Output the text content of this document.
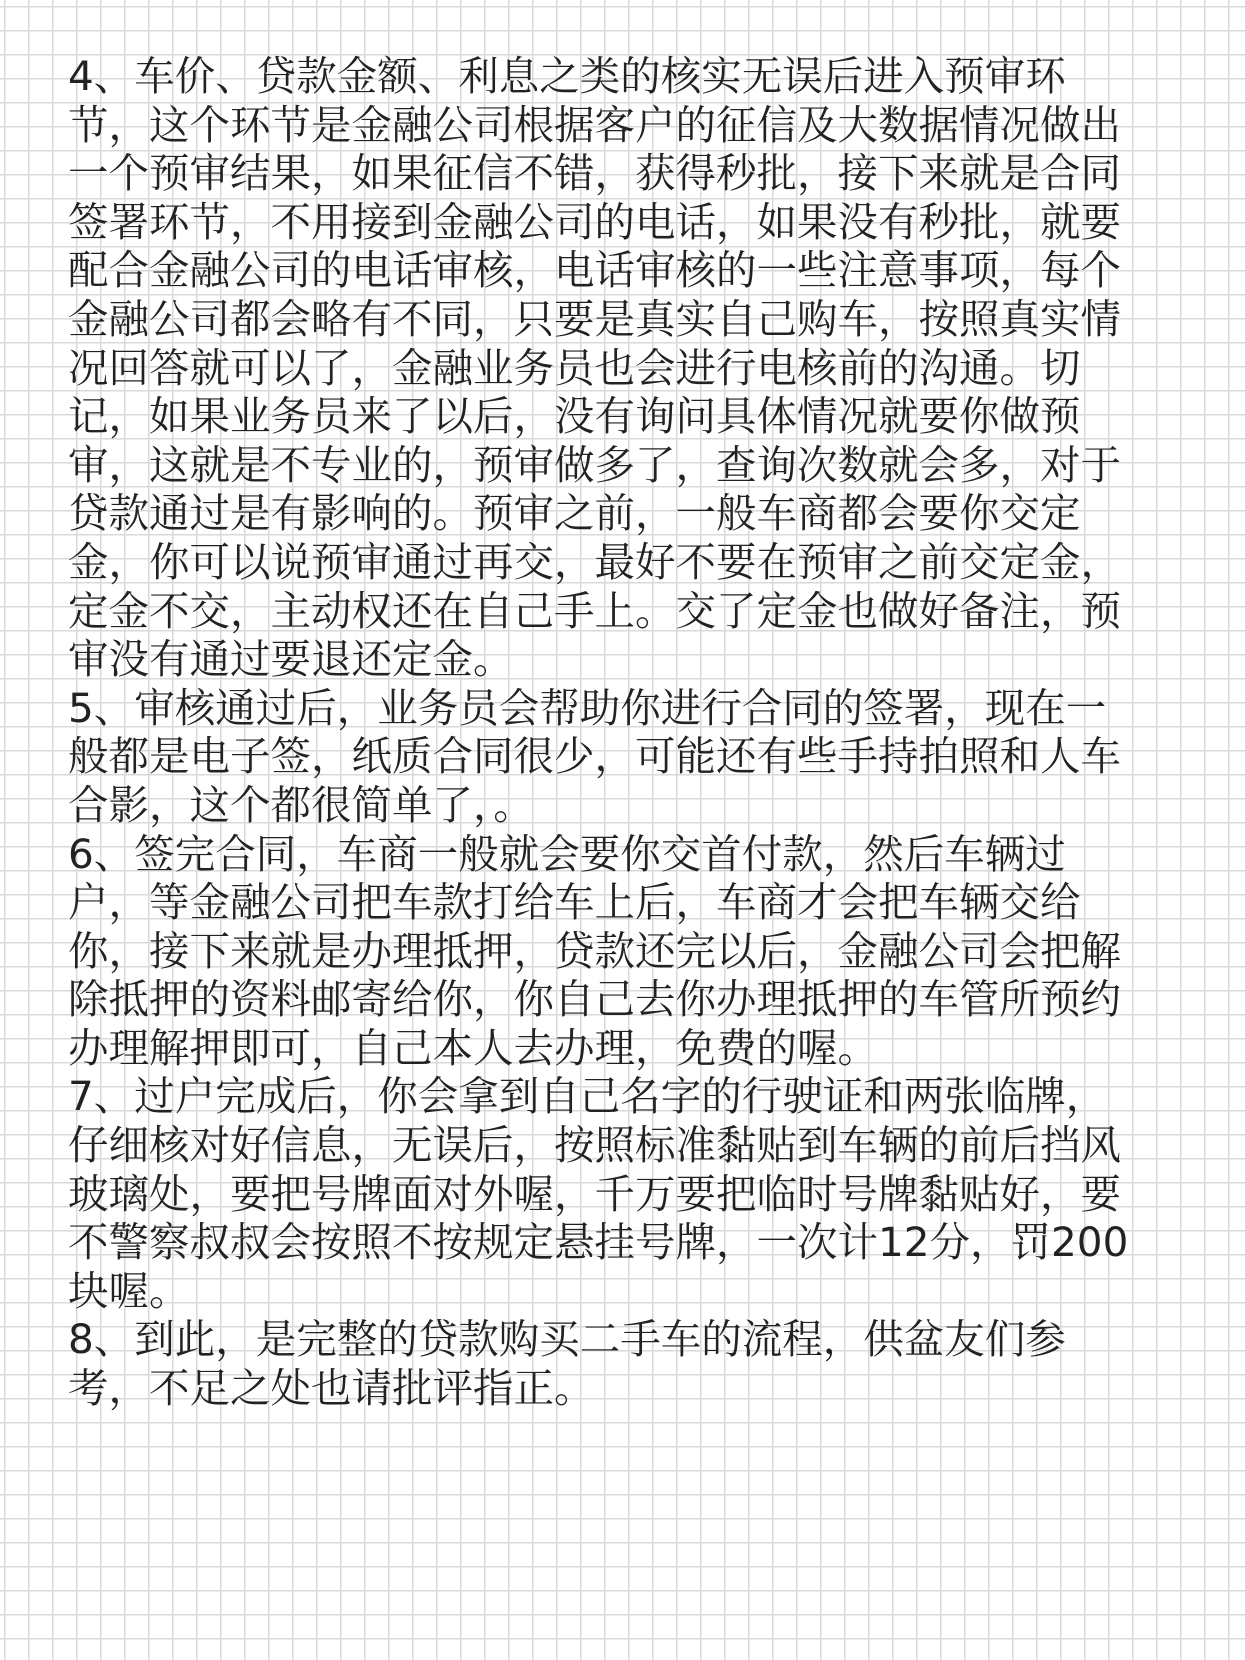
4、车价、贷款金额、利息之类的核实无误后进入预审环节，这个环节是金融公司根据客户的征信及大数据情况做出一个预审结果，如果征信不错，获得秒批，接下来就是合同签署环节，不用接到金融公司的电话，如果没有秒批，就要配合金融公司的电话审核，电话审核的一些注意事项，每个金融公司都会略有不同，只要是真实自己购车，按照真实情况回答就可以了，金融业务员也会进行电核前的沟通。切记，如果业务员来了以后，没有询问具体情况就要你做预审，这就是不专业的，预审做多了，查询次数就会多，对于贷款通过是有影响的。预审之前，一般车商都会要你交定金，你可以说预审通过再交，最好不要在预审之前交定金，定金不交，主动权还在自己手上。交了定金也做好备注，预审没有通过要退还定金。

5、审核通过后，业务员会帮助你进行合同的签署，现在一般都是电子签，纸质合同很少，可能还有些手持拍照和人车合影，这个都很简单了，。

6、签完合同，车商一般就会要你交首付款，然后车辆过户，等金融公司把车款打给车上后，车商才会把车辆交给你，接下来就是办理抵押，贷款还完以后，金融公司会把解除抵押的资料邮寄给你，你自己去你办理抵押的车管所预约办理解押即可，自己本人去办理，免费的喔。

7、过户完成后，你会拿到自己名字的行驶证和两张临牌，仔细核对好信息，无误后，按照标准黏贴到车辆的前后挡风玻璃处，要把号牌面对外喔，千万要把临时号牌黏贴好，要不警察叔叔会按照不按规定悬挂号牌，一次计12分，罚200块喔。

8、到此，是完整的贷款购买二手车的流程，供盆友们参考，不足之处也请批评指正。
